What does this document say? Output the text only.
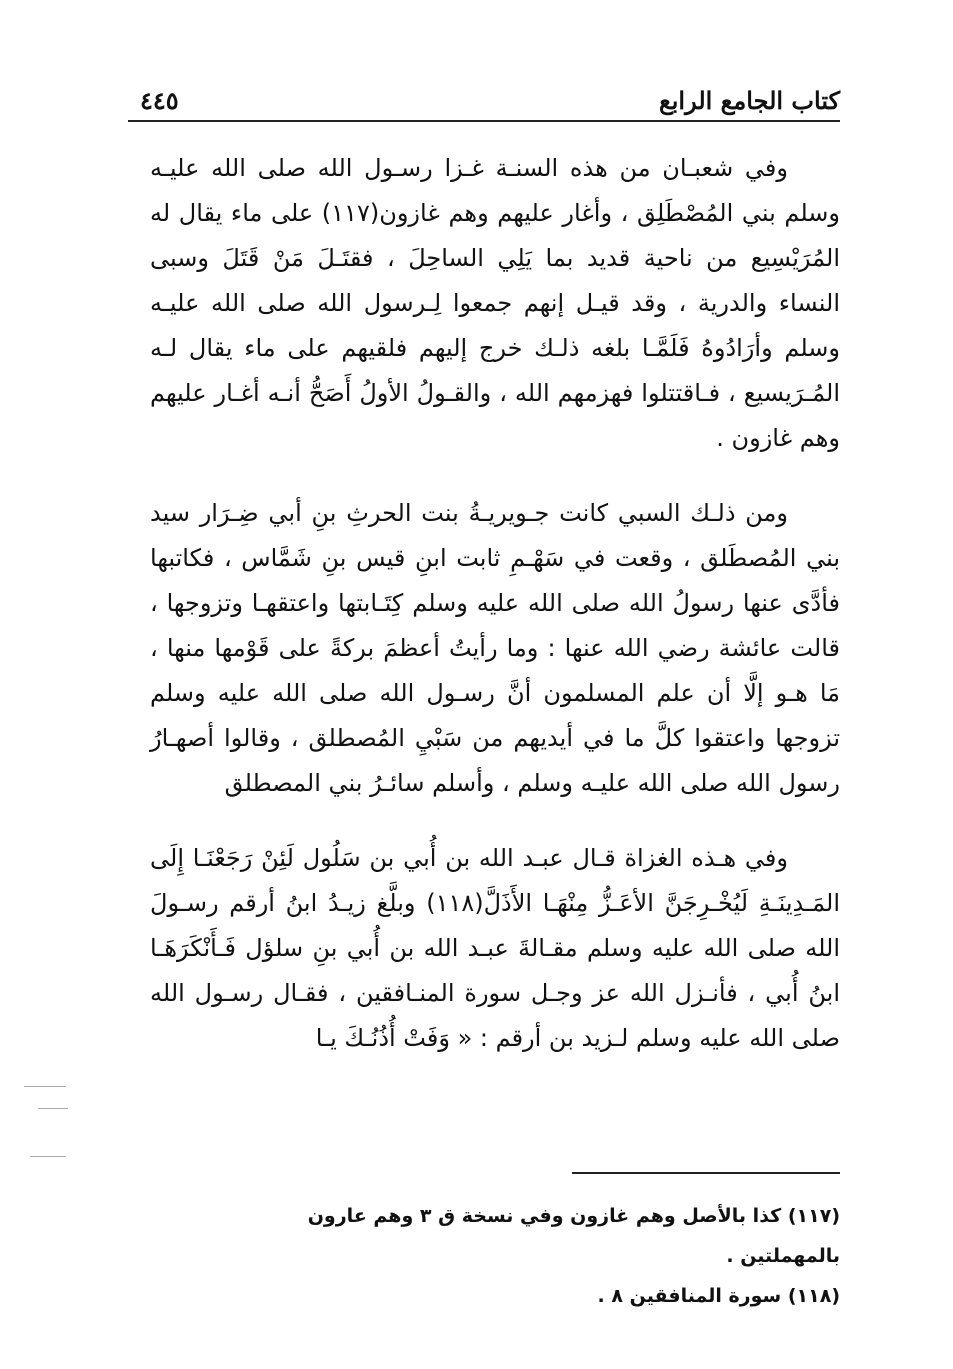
كتاب الجامع الرابع
٤٤٥

وفي شعبـان من هذه السنـة غـزا رسـول الله صلى الله عليـه وسلم بني المُصْطَلِق ، وأغار عليهم وهم غازون(١١٧) على ماء يقال له المُرَيْسِيع من ناحية قديد بما يَلِي الساحِلَ ، فقتَـلَ مَنْ قَتَلَ وسبى النساء والدرية ، وقد قيـل إنهم جمعوا لِـرسول الله صلى الله عليـه وسلم وأرَادُوهُ فَلَمَّـا بلغه ذلـك خرج إليهم فلقيهم على ماء يقال لـه المُـرَيسيع ، فـاقتتلوا فهزمهم الله ، والقـولُ الأولُ أَصَحُّ أنـه أغـار عليهم وهم غازون .

ومن ذلـك السبي كانت جـويريـةُ بنت الحرثِ بنِ أبي ضِـرَار سيد بني المُصطَلق ، وقعت في سَهْـمِ ثابت ابنِ قيس بنِ شَمَّاس ، فكاتبها فأدَّى عنها رسولُ الله صلى الله عليه وسلم كِتَـابتها واعتقهـا وتزوجها ، قالت عائشة رضي الله عنها : وما رأيتُ أعظمَ بركةً على قَوْمها منها ، مَا هـو إلَّا أن علم المسلمون أنَّ رسـول الله صلى الله عليه وسلم تزوجها واعتقوا كلَّ ما في أيديهم من سَبْيِ المُصطلق ، وقالوا أصهـارُ رسول الله صلى الله عليـه وسلم ، وأسلم سائـرُ بني المصطلق

وفي هـذه الغزاة قـال عبـد الله بن أُبي بن سَلُول لَئِنْ رَجَعْنَـا إِلَى المَـدِينَـةِ لَيُخْـرِجَنَّ الأعَـزُّ مِنْهَـا الأَذَلَّ(١١٨) وبلَّغ زيـدُ ابنُ أرقم رسـولَ الله صلى الله عليه وسلم مقـالةَ عبـد الله بن أُبي بنِ سلؤل فَـأَنْكَرَهَـا ابنُ أُبي ، فأنـزل الله عز وجـل سورة المنـافقين ، فقـال رسـول الله صلى الله عليه وسلم لـزيد بن أرقم : « وَفَتْ أُذُنُـكَ يـا

(١١٧) كذا بالأصل وهم غازون وفي نسخة ق ٣ وهم عارون بالمهملتين .

(١١٨) سورة المنافقين ٨ .
